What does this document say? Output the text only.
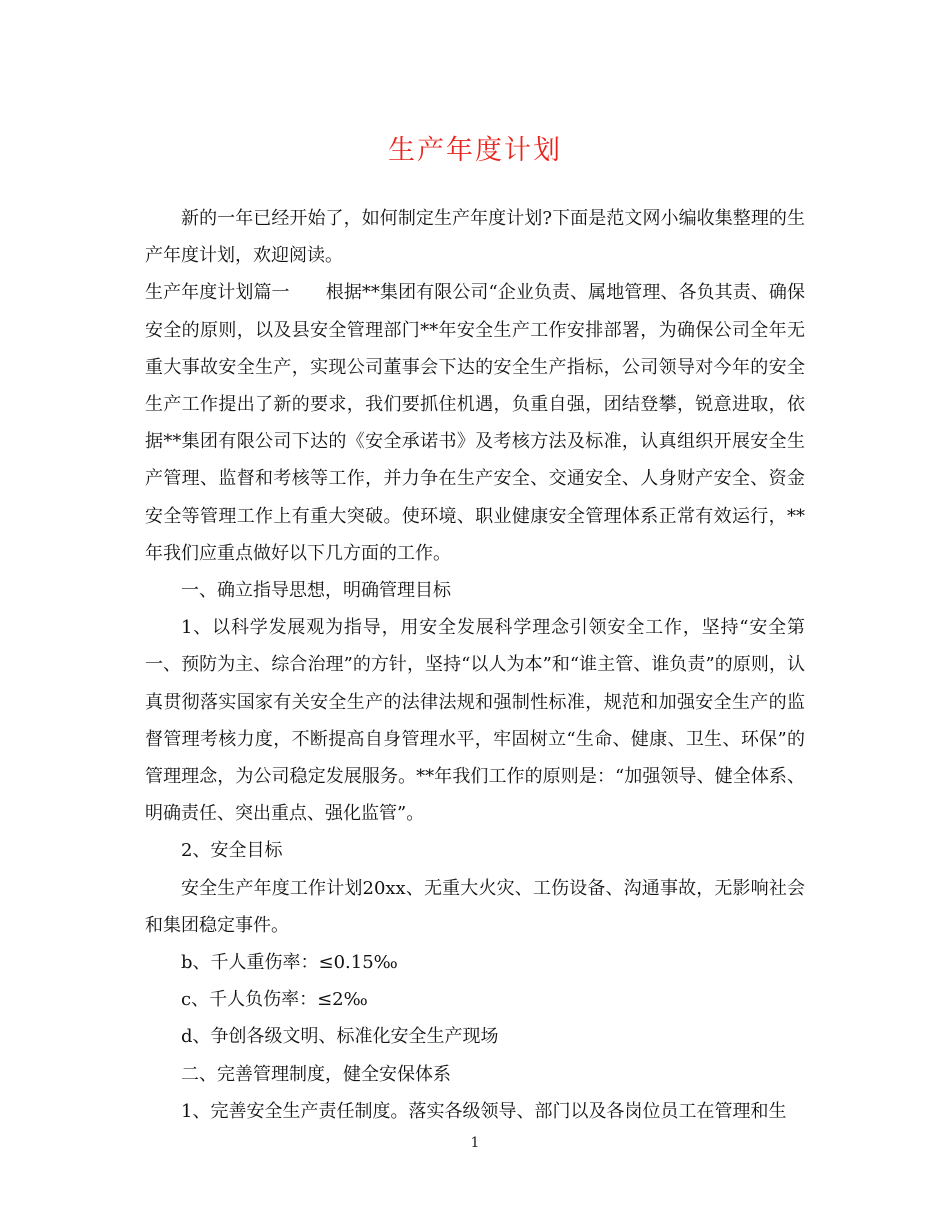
生产年度计划

新的一年已经开始了，如何制定生产年度计划?下面是范文网小编收集整理的生产年度计划，欢迎阅读。

生产年度计划篇一　　根据**集团有限公司“企业负责、属地管理、各负其责、确保安全的原则，以及县安全管理部门**年安全生产工作安排部署，为确保公司全年无重大事故安全生产，实现公司董事会下达的安全生产指标，公司领导对今年的安全生产工作提出了新的要求，我们要抓住机遇，负重自强，团结登攀，锐意进取，依据**集团有限公司下达的《安全承诺书》及考核方法及标准，认真组织开展安全生产管理、监督和考核等工作，并力争在生产安全、交通安全、人身财产安全、资金安全等管理工作上有重大突破。使环境、职业健康安全管理体系正常有效运行，**年我们应重点做好以下几方面的工作。

一、确立指导思想，明确管理目标

1、以科学发展观为指导，用安全发展科学理念引领安全工作，坚持“安全第一、预防为主、综合治理”的方针，坚持“以人为本”和“谁主管、谁负责”的原则，认真贯彻落实国家有关安全生产的法律法规和强制性标准，规范和加强安全生产的监督管理考核力度，不断提高自身管理水平，牢固树立“生命、健康、卫生、环保”的管理理念，为公司稳定发展服务。**年我们工作的原则是：“加强领导、健全体系、明确责任、突出重点、强化监管”。

2、安全目标

安全生产年度工作计划20xx、无重大火灾、工伤设备、沟通事故，无影响社会和集团稳定事件。

b、千人重伤率：≤0.15‰

c、千人负伤率：≤2‰

d、争创各级文明、标准化安全生产现场

二、完善管理制度，健全安保体系

1、完善安全生产责任制度。落实各级领导、部门以及各岗位员工在管理和生

1
